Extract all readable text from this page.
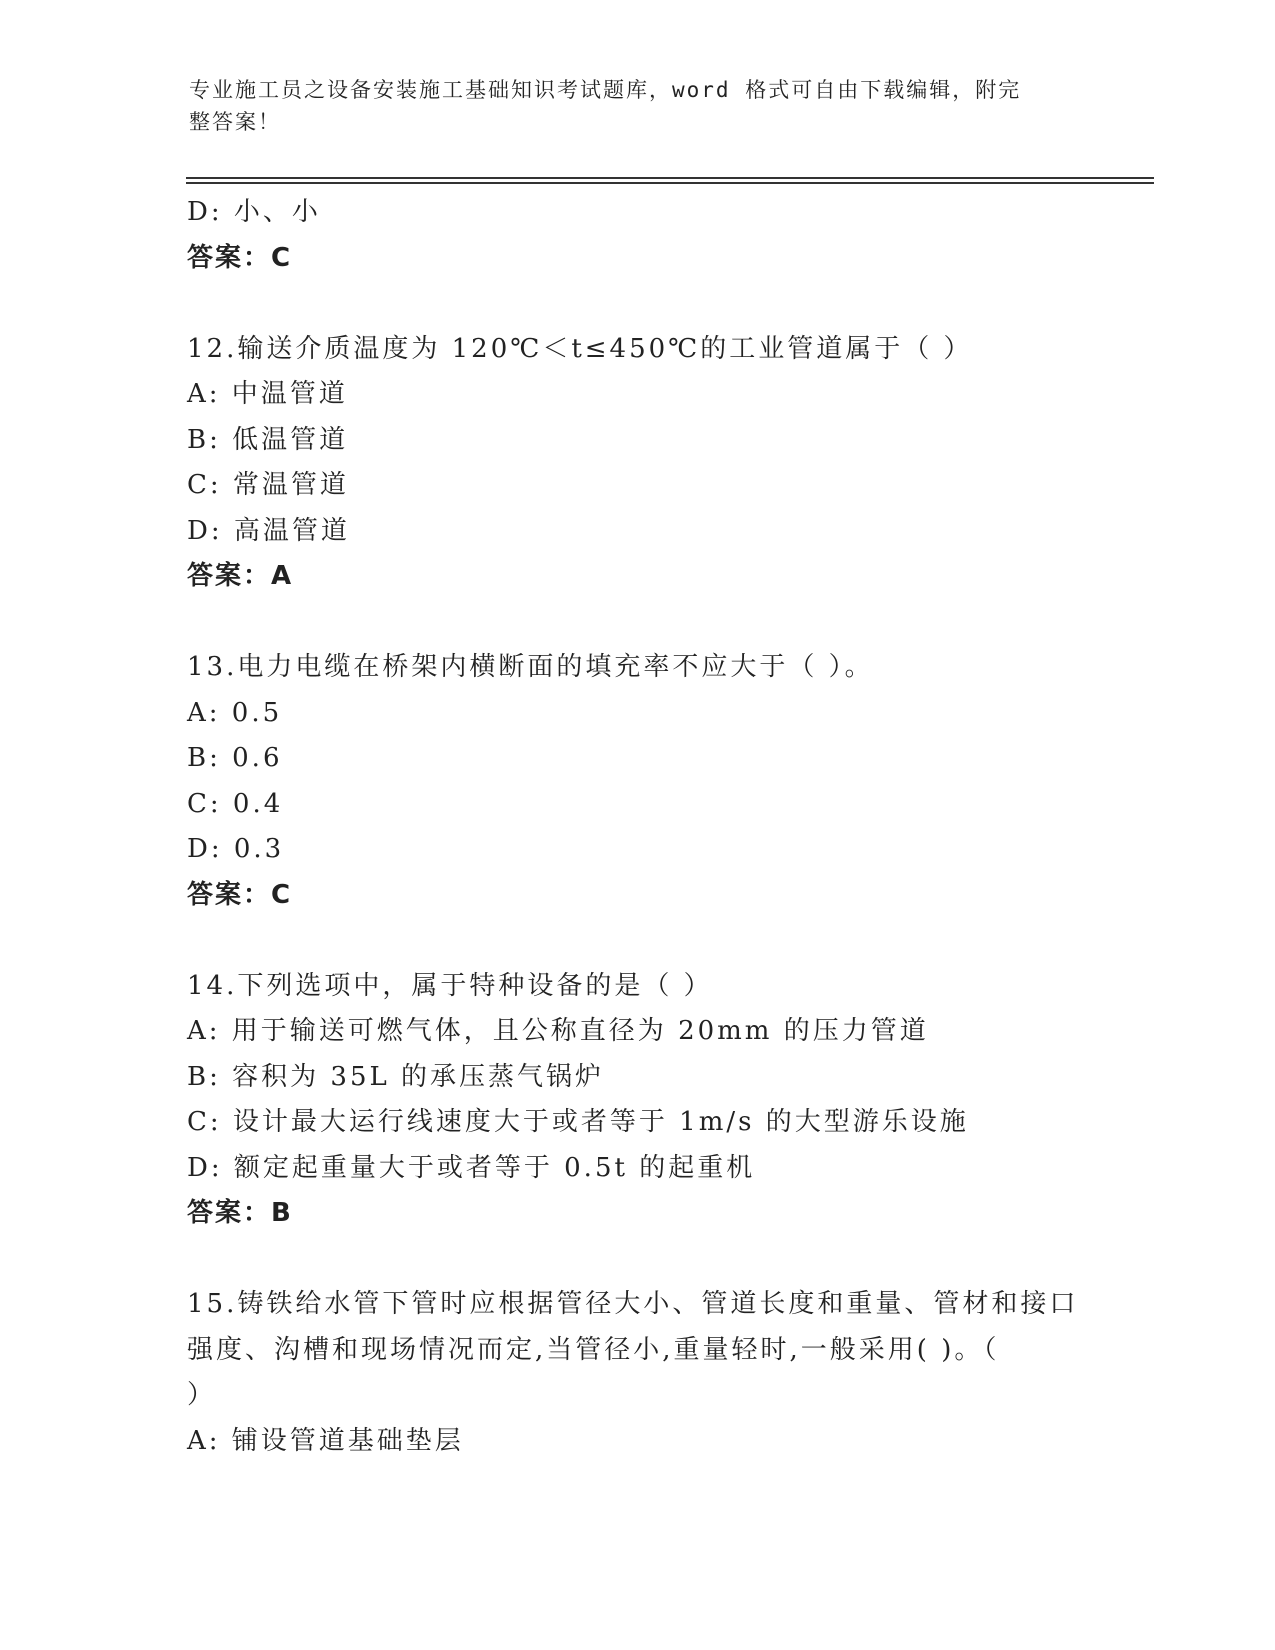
专业施工员之设备安装施工基础知识考试题库，word 格式可自由下载编辑，附完
整答案！
D: 小、小
答案：C
12.输送介质温度为 120℃＜t≤450℃的工业管道属于（ ）
A: 中温管道
B: 低温管道
C: 常温管道
D: 高温管道
答案：A
13.电力电缆在桥架内横断面的填充率不应大于（ ）。
A: 0.5
B: 0.6
C: 0.4
D: 0.3
答案：C
14.下列选项中，属于特种设备的是（ ）
A: 用于输送可燃气体，且公称直径为 20mm 的压力管道
B: 容积为 35L 的承压蒸气锅炉
C: 设计最大运行线速度大于或者等于 1m/s 的大型游乐设施
D: 额定起重量大于或者等于 0.5t 的起重机
答案：B
15.铸铁给水管下管时应根据管径大小、管道长度和重量、管材和接口
强度、沟槽和现场情况而定,当管径小,重量轻时,一般采用( )。（
）
A: 铺设管道基础垫层
